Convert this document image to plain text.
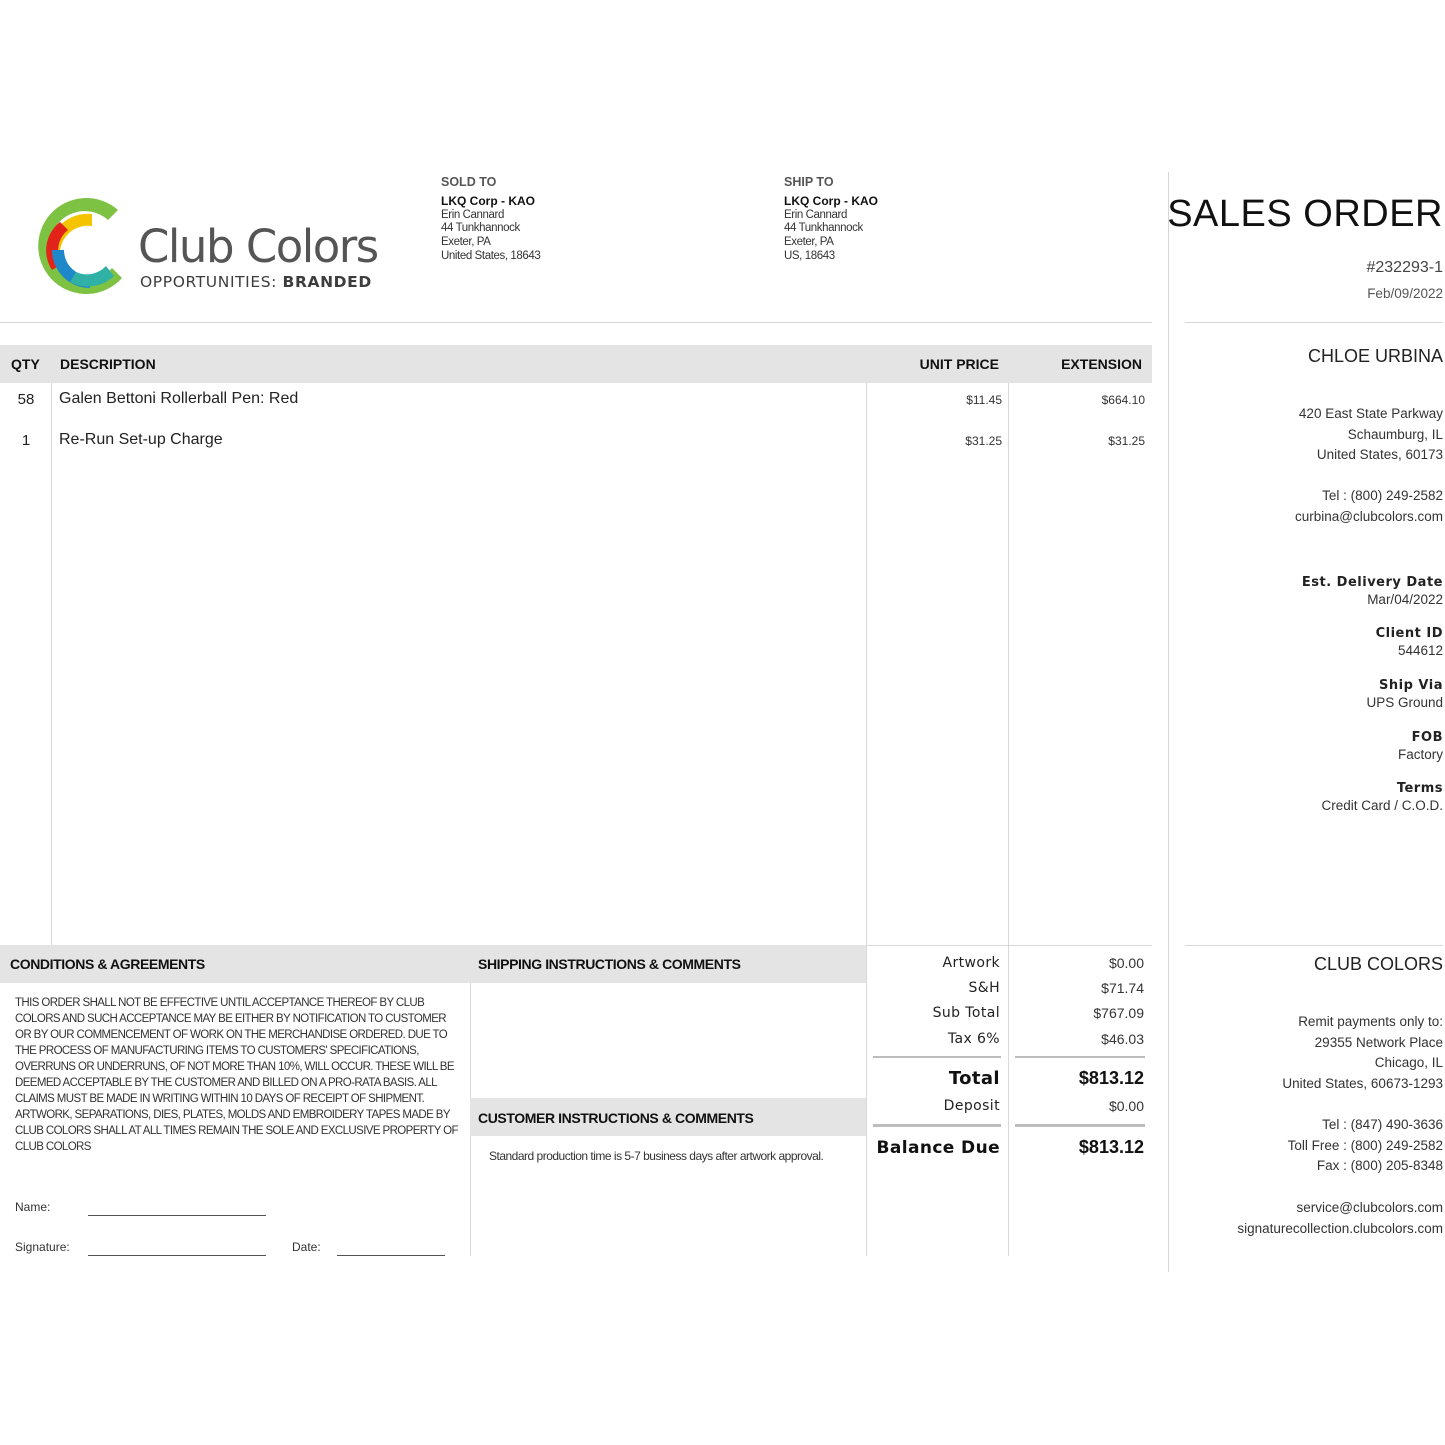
Club Colors
OPPORTUNITIES: BRANDED
SOLD TO
LKQ Corp - KAO
Erin Cannard
44 Tunkhannock
Exeter, PA
United States, 18643
SHIP TO
LKQ Corp - KAO
Erin Cannard
44 Tunkhannock
Exeter, PA
US, 18643
SALES ORDER
#232293-1
Feb/09/2022
CHLOE URBINA
420 East State Parkway
Schaumburg, IL
United States, 60173
Tel : (800) 249-2582
curbina@clubcolors.com
Est. Delivery Date
Mar/04/2022
Client ID
544612
Ship Via
UPS Ground
FOB
Factory
Terms
Credit Card / C.O.D.
CLUB COLORS
Remit payments only to:
29355 Network Place
Chicago, IL
United States, 60673-1293
Tel : (847) 490-3636
Toll Free : (800) 249-2582
Fax : (800) 205-8348
service@clubcolors.com
signaturecollection.clubcolors.com
QTY DESCRIPTION	UNIT PRICE	EXTENSION
58	Galen Bettoni Rollerball Pen: Red	$11.45	$664.10
1	Re-Run Set-up Charge	$31.25	$31.25
CONDITIONS & AGREEMENTS
THIS ORDER SHALL NOT BE EFFECTIVE UNTIL ACCEPTANCE THEREOF BY CLUB COLORS AND SUCH ACCEPTANCE MAY BE EITHER BY NOTIFICATION TO CUSTOMER OR BY OUR COMMENCEMENT OF WORK ON THE MERCHANDISE ORDERED. DUE TO THE PROCESS OF MANUFACTURING ITEMS TO CUSTOMERS' SPECIFICATIONS, OVERRUNS OR UNDERRUNS, OF NOT MORE THAN 10%, WILL OCCUR. THESE WILL BE DEEMED ACCEPTABLE BY THE CUSTOMER AND BILLED ON A PRO-RATA BASIS. ALL CLAIMS MUST BE MADE IN WRITING WITHIN 10 DAYS OF RECEIPT OF SHIPMENT. ARTWORK, SEPARATIONS, DIES, PLATES, MOLDS AND EMBROIDERY TAPES MADE BY CLUB COLORS SHALL AT ALL TIMES REMAIN THE SOLE AND EXCLUSIVE PROPERTY OF CLUB COLORS
Name:
Signature:	Date:
SHIPPING INSTRUCTIONS & COMMENTS
CUSTOMER INSTRUCTIONS & COMMENTS
Standard production time is 5-7 business days after artwork approval.
Artwork	$0.00
S&H	$71.74
Sub Total	$767.09
Tax 6%	$46.03
Total	$813.12
Deposit	$0.00
Balance Due	$813.12
